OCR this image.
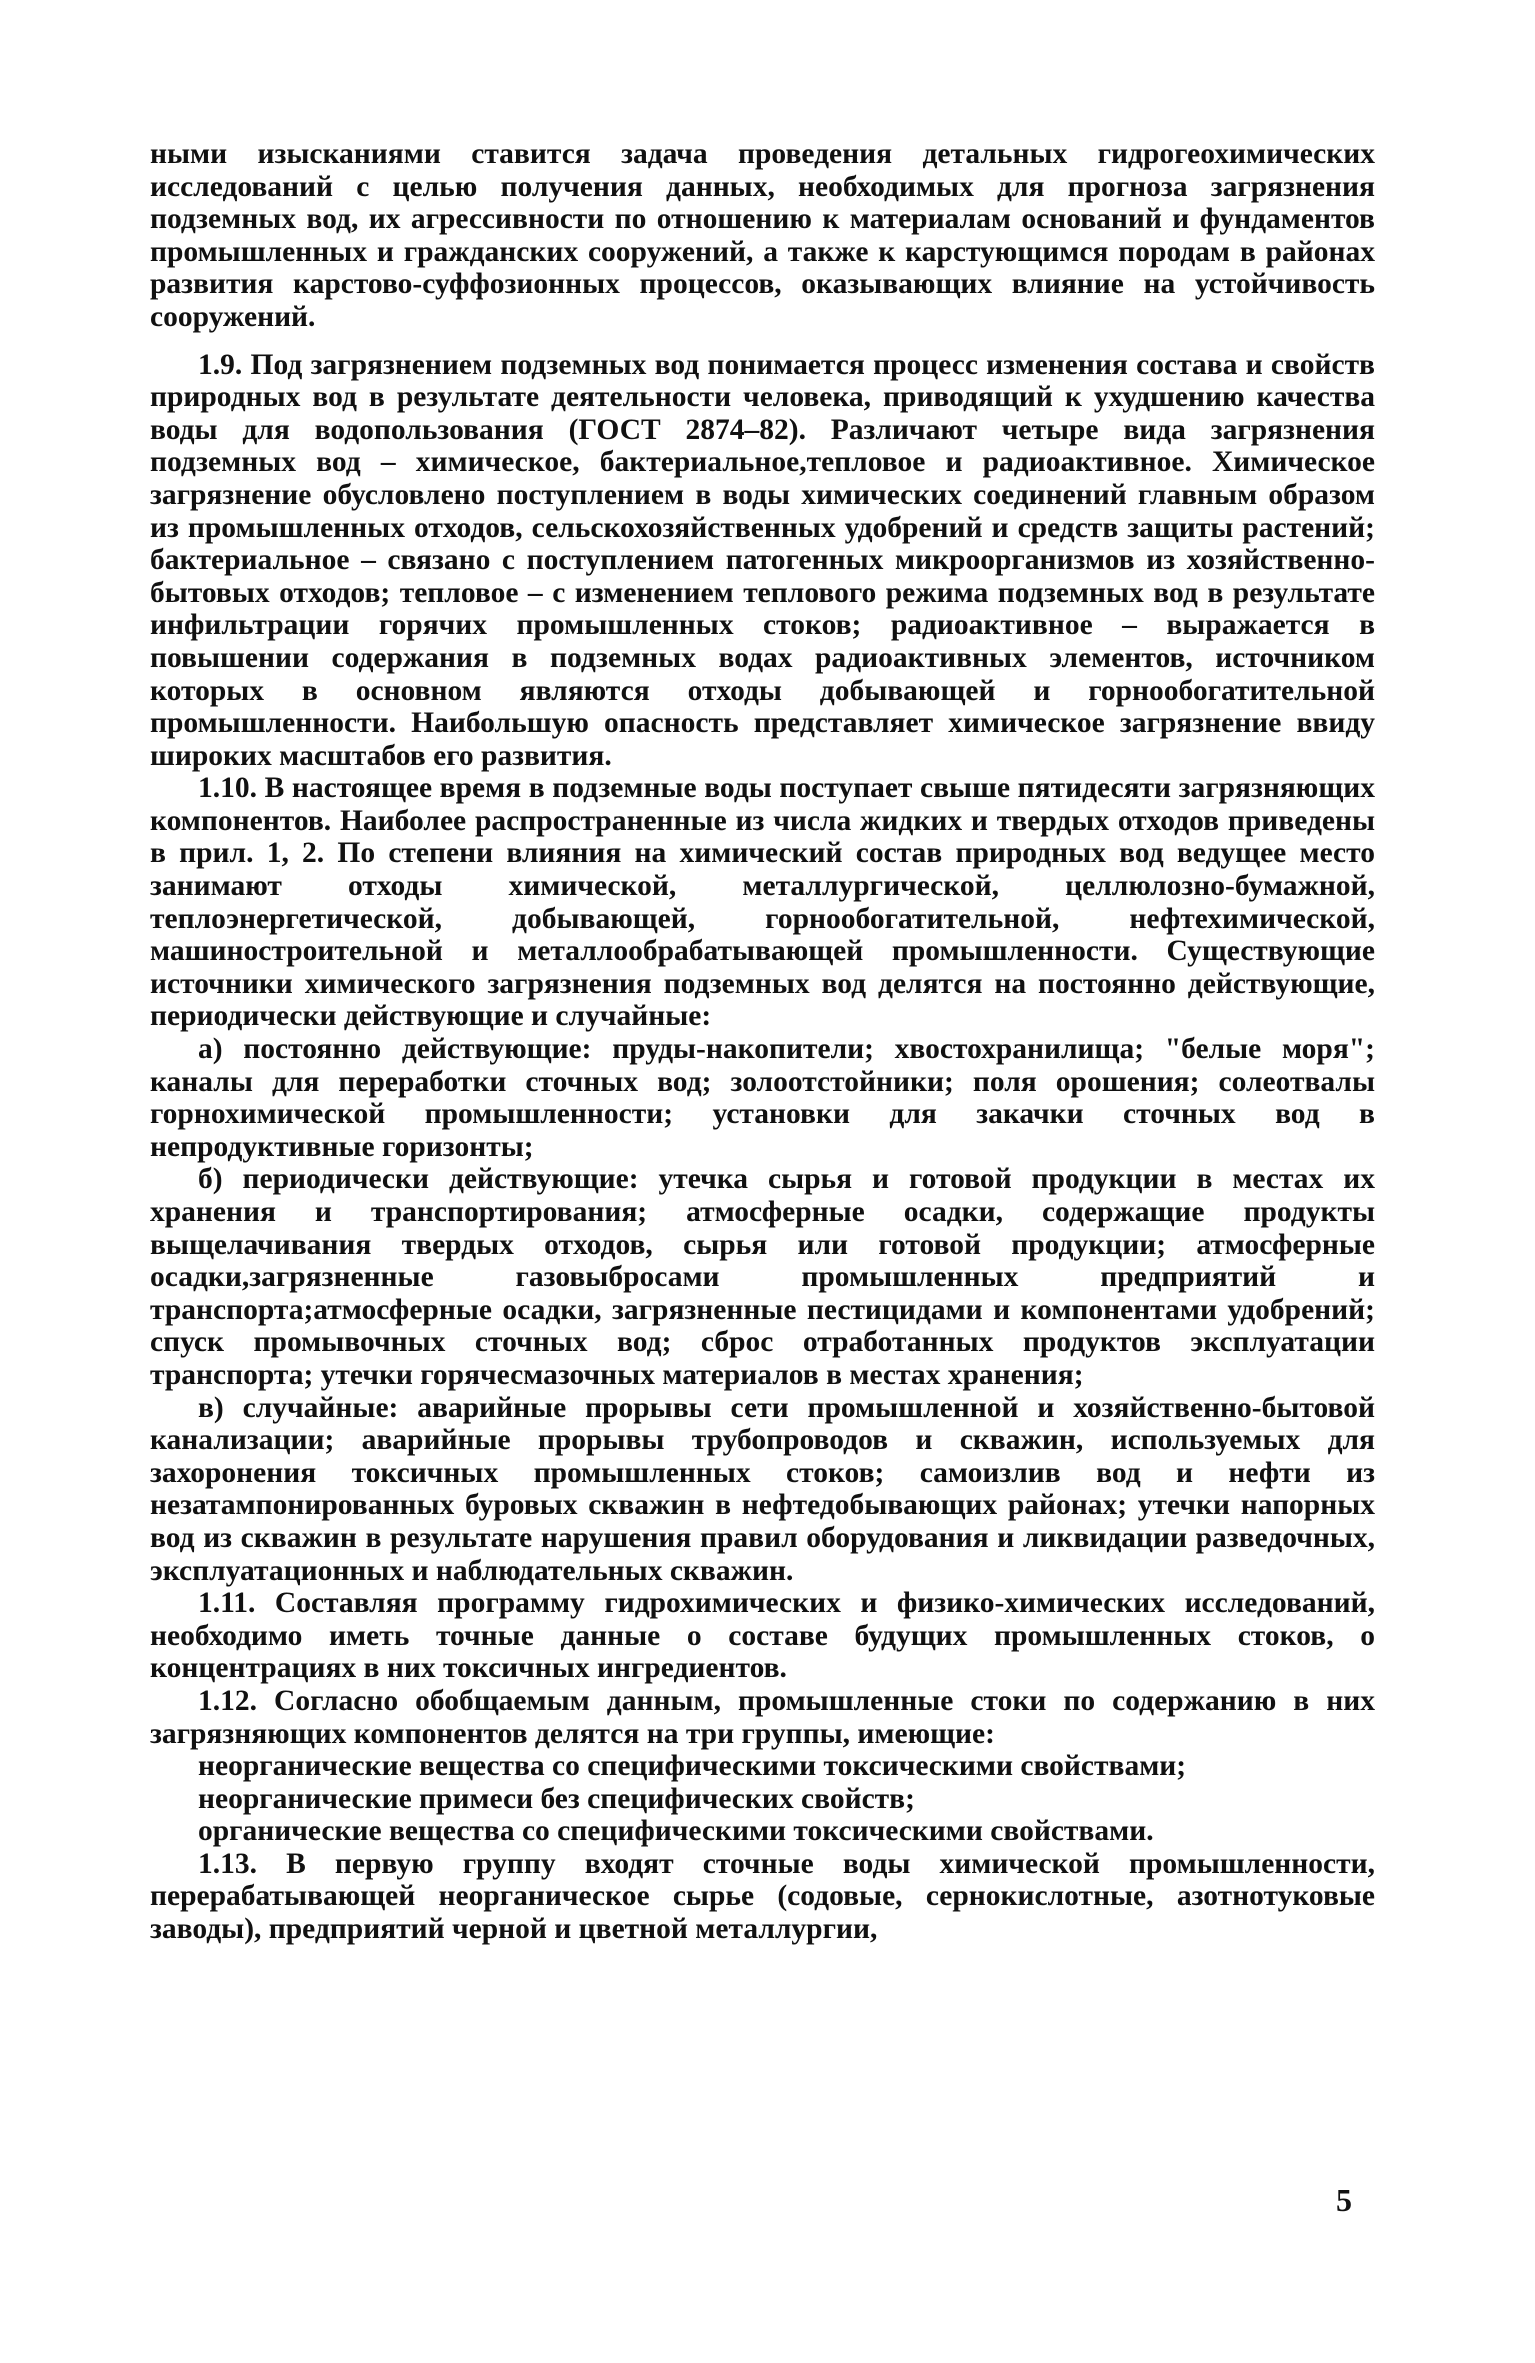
ными изысканиями ставится задача проведения детальных гидрогеохимических исследований с целью получения данных, необходимых для прогноза загрязнения подземных вод, их агрессивности по отношению к материалам оснований и фундаментов промышленных и гражданских сооружений, а также к карстующимся породам в районах развития карстово-суффозионных процессов, оказывающих влияние на устойчивость сооружений.

1.9. Под загрязнением подземных вод понимается процесс изменения состава и свойств природных вод в результате деятельности человека, приводящий к ухудшению качества воды для водопользования (ГОСТ 2874–82). Различают четыре вида загрязнения подземных вод – химическое, бактериальное,тепловое и радиоактивное. Химическое загрязнение обусловлено поступлением в воды химических соединений главным образом из промышленных отходов, сельскохозяйственных удобрений и средств защиты растений; бактериальное – связано с поступлением патогенных микроорганизмов из хозяйственно-бытовых отходов; тепловое – с изменением теплового режима подземных вод в результате инфильтрации горячих промышленных стоков; радиоактивное – выражается в повышении содержания в подземных водах радиоактивных элементов, источником которых в основном являются отходы добывающей и горнообогатительной промышленности. Наибольшую опасность представляет химическое загрязнение ввиду широких масштабов его развития.

1.10. В настоящее время в подземные воды поступает свыше пятидесяти загрязняющих компонентов. Наиболее распространенные из числа жидких и твердых отходов приведены в прил. 1, 2. По степени влияния на химический состав природных вод ведущее место занимают отходы химической, металлургической, целлюлозно-бумажной, теплоэнергетической, добывающей, горнообогатительной, нефтехимической, машиностроительной и металлообрабатывающей промышленности. Существующие источники химического загрязнения подземных вод делятся на постоянно действующие, периодически действующие и случайные:

а) постоянно действующие: пруды-накопители; хвостохранилища; "белые моря"; каналы для переработки сточных вод; золоотстойники; поля орошения; солеотвалы горнохимической промышленности; установки для закачки сточных вод в непродуктивные горизонты;

б) периодически действующие: утечка сырья и готовой продукции в местах их хранения и транспортирования; атмосферные осадки, содержащие продукты выщелачивания твердых отходов, сырья или готовой продукции; атмосферные осадки,загрязненные газовыбросами промышленных предприятий и транспорта;атмосферные осадки, загрязненные пестицидами и компонентами удобрений; спуск промывочных сточных вод; сброс отработанных продуктов эксплуатации транспорта; утечки горячесмазочных материалов в местах хранения;

в) случайные: аварийные прорывы сети промышленной и хозяйственно-бытовой канализации; аварийные прорывы трубопроводов и скважин, используемых для захоронения токсичных промышленных стоков; самоизлив вод и нефти из незатампонированных буровых скважин в нефтедобывающих районах; утечки напорных вод из скважин в результате нарушения правил оборудования и ликвидации разведочных, эксплуатационных и наблюдательных скважин.

1.11. Составляя программу гидрохимических и физико-химических исследований, необходимо иметь точные данные о составе будущих промышленных стоков, о концентрациях в них токсичных ингредиентов.

1.12. Согласно обобщаемым данным, промышленные стоки по содержанию в них загрязняющих компонентов делятся на три группы, имеющие:

неорганические вещества со специфическими токсическими свойствами;

неорганические примеси без специфических свойств;

органические вещества со специфическими токсическими свойствами.

1.13. В первую группу входят сточные воды химической промышленности, перерабатывающей неорганическое сырье (содовые, сернокислотные, азотнотуковые заводы), предприятий черной и цветной металлургии,

5
